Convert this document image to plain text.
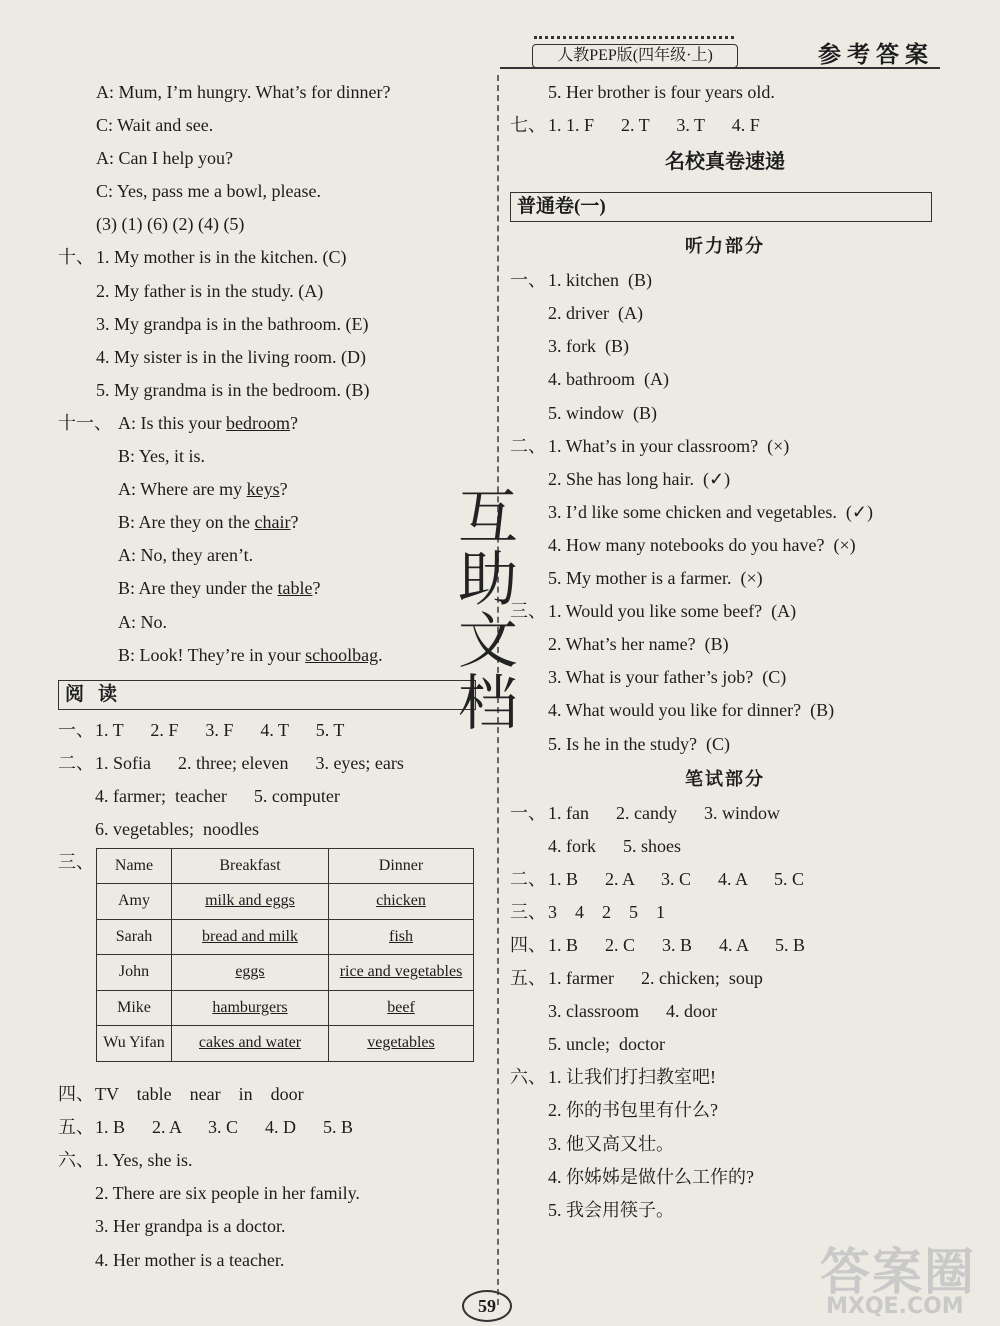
人教PEP版(四年级·上)	参考答案
A: Mum, I’m hungry. What’s for dinner?
C: Wait and see.
A: Can I help you?
C: Yes, pass me a bowl, please.
(3) (1) (6) (2) (4) (5)
十、 1. My mother is in the kitchen. (C)
2. My father is in the study. (A)
3. My grandpa is in the bathroom. (E)
4. My sister is in the living room. (D)
5. My grandma is in the bedroom. (B)
十一、 A: Is this your bedroom?
B: Yes, it is.
A: Where are my keys?
B: Are they on the chair?
A: No, they aren’t.
B: Are they under the table?
A: No.
B: Look! They’re in your schoolbag.
阅读
一、 1. T      2. F      3. F      4. T      5. T
二、 1. Sofia      2. three; eleven      3. eyes; ears
4. farmer;  teacher      5. computer
6. vegetables;  noodles
三、 Name	Breakfast	Dinner
Amy	milk and eggs	chicken
Sarah	bread and milk	fish
John	eggs	rice and vegetables
Mike	hamburgers	beef
Wu Yifan	cakes and water	vegetables
四、 TV    table    near    in    door
五、 1. B      2. A      3. C      4. D      5. B
六、 1. Yes, she is.
2. There are six people in her family.
3. Her grandpa is a doctor.
4. Her mother is a teacher.
5. Her brother is four years old.
七、 1. 1. F      2. T      3. T      4. F
名校真卷速递
普通卷(一)
听力部分
一、 1. kitchen  (B)
2. driver  (A)
3. fork  (B)
4. bathroom  (A)
5. window  (B)
二、 1. What’s in your classroom?  (×)
2. She has long hair.  (✓)
3. I’d like some chicken and vegetables.  (✓)
4. How many notebooks do you have?  (×)
5. My mother is a farmer.  (×)
三、 1. Would you like some beef?  (A)
2. What’s her name?  (B)
3. What is your father’s job?  (C)
4. What would you like for dinner?  (B)
5. Is he in the study?  (C)
笔试部分
一、 1. fan      2. candy      3. window
4. fork      5. shoes
二、 1. B      2. A      3. C      4. A      5. C
三、 3    4    2    5    1
四、 1. B      2. C      3. B      4. A      5. B
五、 1. farmer      2. chicken;  soup
3. classroom      4. door
5. uncle;  doctor
六、 1. 让我们打扫教室吧!
2. 你的书包里有什么?
3. 他又高又壮。
4. 你姊姊是做什么工作的?
5. 我会用筷子。
互
助
文
档
59
答案圈
MXQE.COM
